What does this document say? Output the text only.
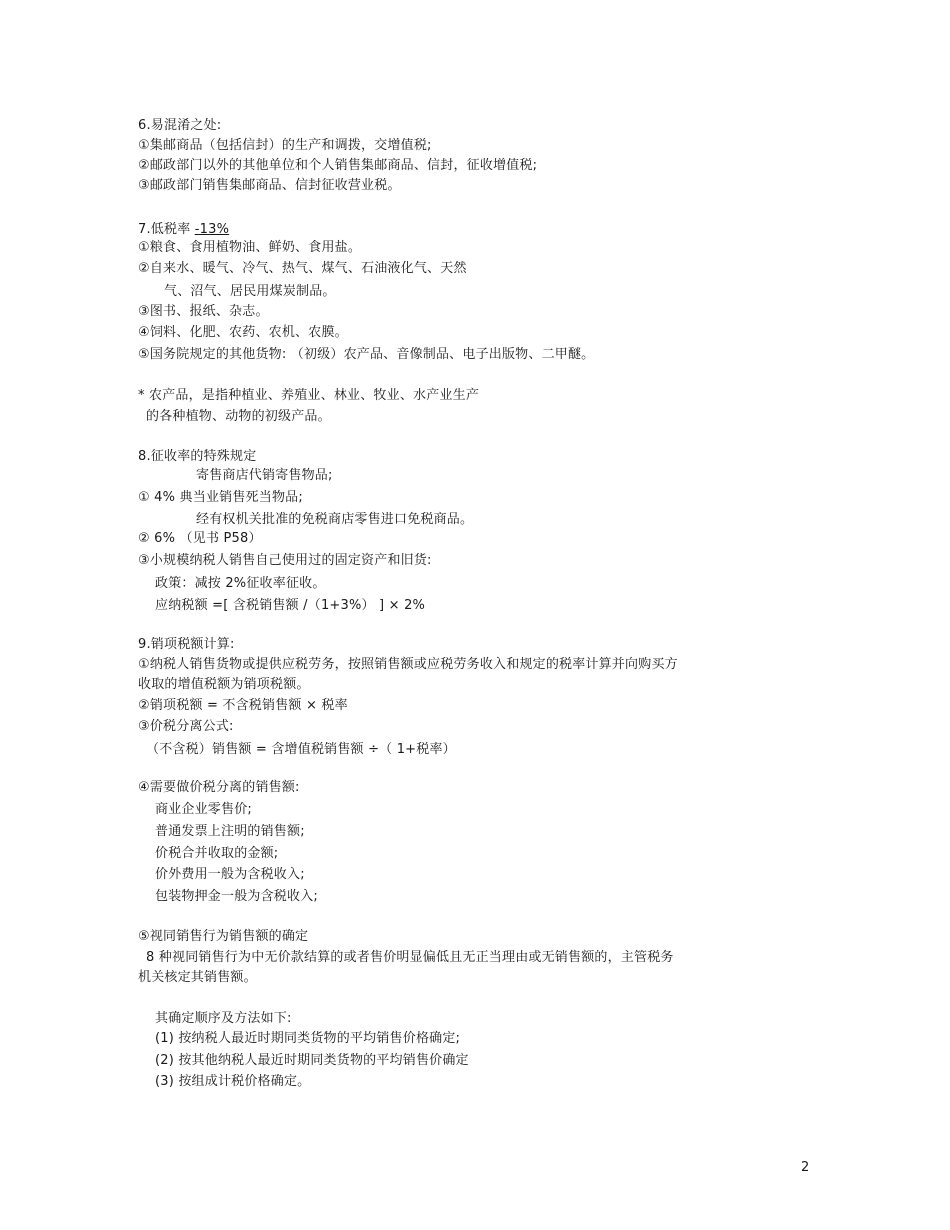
6.易混淆之处:
①集邮商品（包括信封）的生产和调拨，交增值税;
②邮政部门以外的其他单位和个人销售集邮商品、信封，征收增值税;
③邮政部门销售集邮商品、信封征收营业税。
7.低税率 -13%
①粮食、食用植物油、鲜奶、食用盐。
②自来水、暖气、冷气、热气、煤气、石油液化气、天然
气、沼气、居民用煤炭制品。
③图书、报纸、杂志。
④饲料、化肥、农药、农机、农膜。
⑤国务院规定的其他货物: （初级）农产品、音像制品、电子出版物、二甲醚。
* 农产品，是指种植业、养殖业、林业、牧业、水产业生产
的各种植物、动物的初级产品。
8.征收率的特殊规定
寄售商店代销寄售物品;
① 4% 典当业销售死当物品;
经有权机关批准的免税商店零售进口免税商品。
② 6% （见书 P58）
③小规模纳税人销售自己使用过的固定资产和旧货:
政策：减按 2%征收率征收。
应纳税额 =[ 含税销售额 /（1+3%） ] × 2%
9.销项税额计算:
①纳税人销售货物或提供应税劳务，按照销售额或应税劳务收入和规定的税率计算并向购买方
收取的增值税额为销项税额。
②销项税额 = 不含税销售额 × 税率
③价税分离公式:
（不含税）销售额 = 含增值税销售额 ÷（ 1+税率）
④需要做价税分离的销售额:
商业企业零售价;
普通发票上注明的销售额;
价税合并收取的金额;
价外费用一般为含税收入;
包装物押金一般为含税收入;
⑤视同销售行为销售额的确定
8 种视同销售行为中无价款结算的或者售价明显偏低且无正当理由或无销售额的，主管税务
机关核定其销售额。
其确定顺序及方法如下:
(1) 按纳税人最近时期同类货物的平均销售价格确定;
(2) 按其他纳税人最近时期同类货物的平均销售价确定
(3) 按组成计税价格确定。
2
